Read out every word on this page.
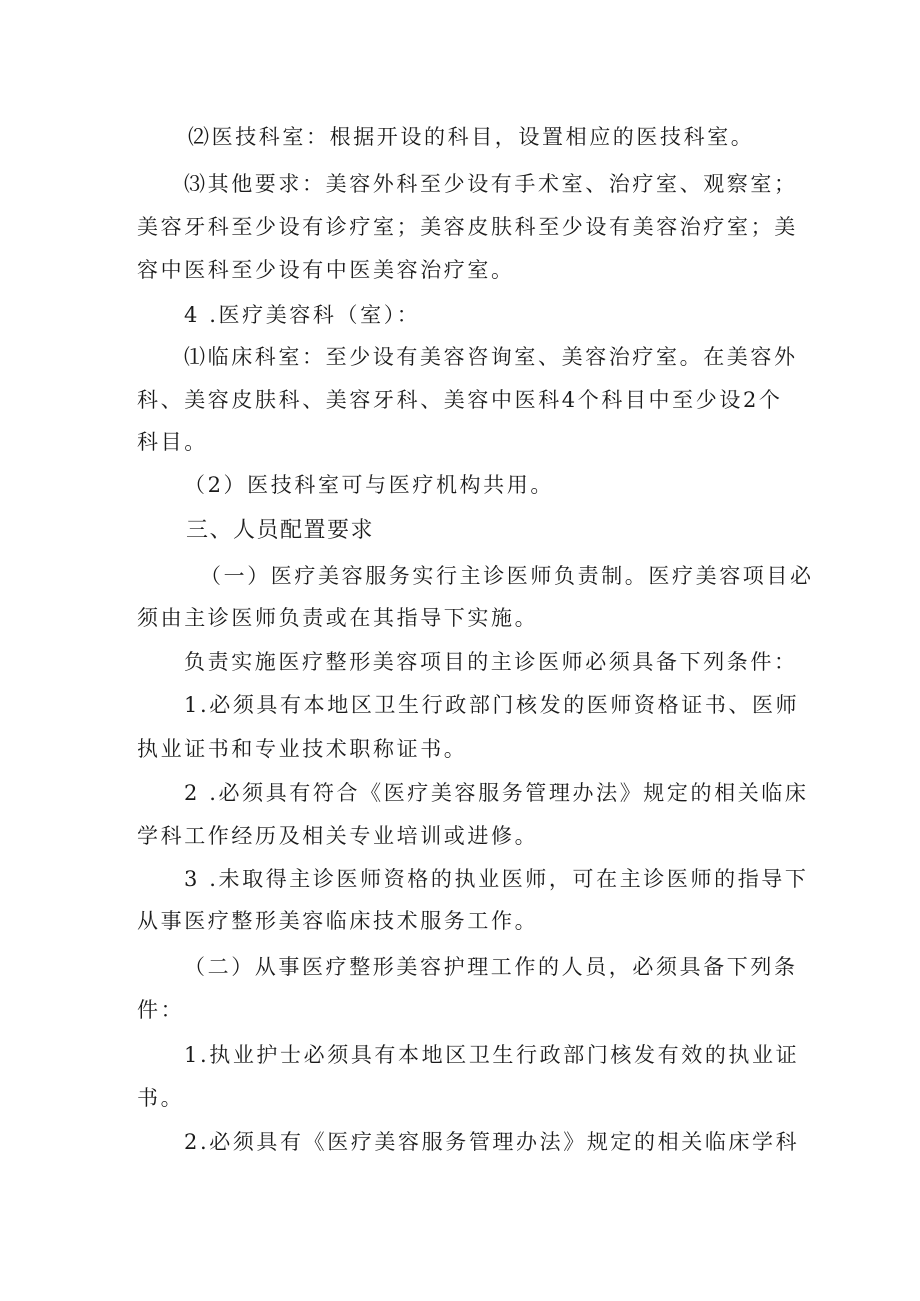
⑵医技科室：根据开设的科目，设置相应的医技科室。
⑶其他要求：美容外科至少设有手术室、治疗室、观察室；
美容牙科至少设有诊疗室；美容皮肤科至少设有美容治疗室；美
容中医科至少设有中医美容治疗室。
4 .医疗美容科（室）：
⑴临床科室：至少设有美容咨询室、美容治疗室。在美容外
科、美容皮肤科、美容牙科、美容中医科4个科目中至少设2个
科目。
（2）医技科室可与医疗机构共用。
三、人员配置要求
（一）医疗美容服务实行主诊医师负责制。医疗美容项目必
须由主诊医师负责或在其指导下实施。
负责实施医疗整形美容项目的主诊医师必须具备下列条件：
1.必须具有本地区卫生行政部门核发的医师资格证书、医师
执业证书和专业技术职称证书。
2 .必须具有符合《医疗美容服务管理办法》规定的相关临床
学科工作经历及相关专业培训或进修。
3 .未取得主诊医师资格的执业医师，可在主诊医师的指导下
从事医疗整形美容临床技术服务工作。
（二）从事医疗整形美容护理工作的人员，必须具备下列条
件：
1.执业护士必须具有本地区卫生行政部门核发有效的执业证
书。
2.必须具有《医疗美容服务管理办法》规定的相关临床学科
